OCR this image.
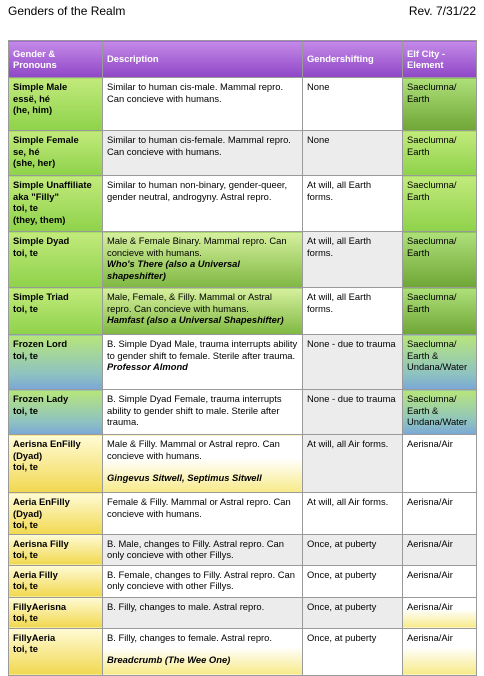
Genders of the Realm	Rev. 7/31/22
Gender & Pronouns	Description	Gendershifting	Elf City - Element

Simple Male
essë, hé
(he, him)	Similar to human cis-male. Mammal repro. Can concieve with humans.	None	Saeclumna/
Earth

Simple Female
se, hé
(she, her)	Similar to human cis-female. Mammal repro. Can concieve with humans.	None	Saeclumna/
Earth

Simple Unaffiliate
aka "Filly"
toi, te
(they, them)	Similar to human non-binary, gender-queer, gender neutral, androgyny. Astral repro.	At will, all Earth forms.	Saeclumna/
Earth

Simple Dyad
toi, te	Male & Female Binary. Mammal repro. Can concieve with humans.
Who's There (also a Universal shapeshifter)	At will, all Earth forms.	Saeclumna/
Earth

Simple Triad
toi, te	Male, Female, & Filly. Mammal or Astral repro. Can concieve with humans.
Hamfast (also a Universal Shapeshifter)	At will, all Earth forms.	Saeclumna/
Earth

Frozen Lord
toi, te	B. Simple Dyad Male, trauma interrupts ability to gender shift to female. Sterile after trauma.
Professor Almond	None - due to trauma	Saeclumna/
Earth &
Undana/Water

Frozen Lady
toi, te	B. Simple Dyad Female, trauma interrupts ability to gender shift to male. Sterile after trauma.	None - due to trauma	Saeclumna/
Earth &
Undana/Water

Aerisna EnFilly
(Dyad)
toi, te	Male & Filly. Mammal or Astral repro. Can concieve with humans.
Gingevus Sitwell, Septimus Sitwell	At will, all Air forms.	Aerisna/Air

Aeria EnFilly
(Dyad)
toi, te	Female & Filly. Mammal or Astral repro. Can concieve with humans.	At will, all Air forms.	Aerisna/Air

Aerisna Filly
toi, te	B. Male, changes to Filly. Astral repro. Can only concieve with other Fillys.	Once, at puberty	Aerisna/Air

Aeria Filly
toi, te	B. Female, changes to Filly. Astral repro. Can only concieve with other Fillys.	Once, at puberty	Aerisna/Air

FillyAerisna
toi, te	B. Filly, changes to male. Astral repro.	Once, at puberty	Aerisna/Air

FillyAeria
toi, te	B. Filly, changes to female. Astral repro.
Breadcrumb (The Wee One)	Once, at puberty	Aerisna/Air
